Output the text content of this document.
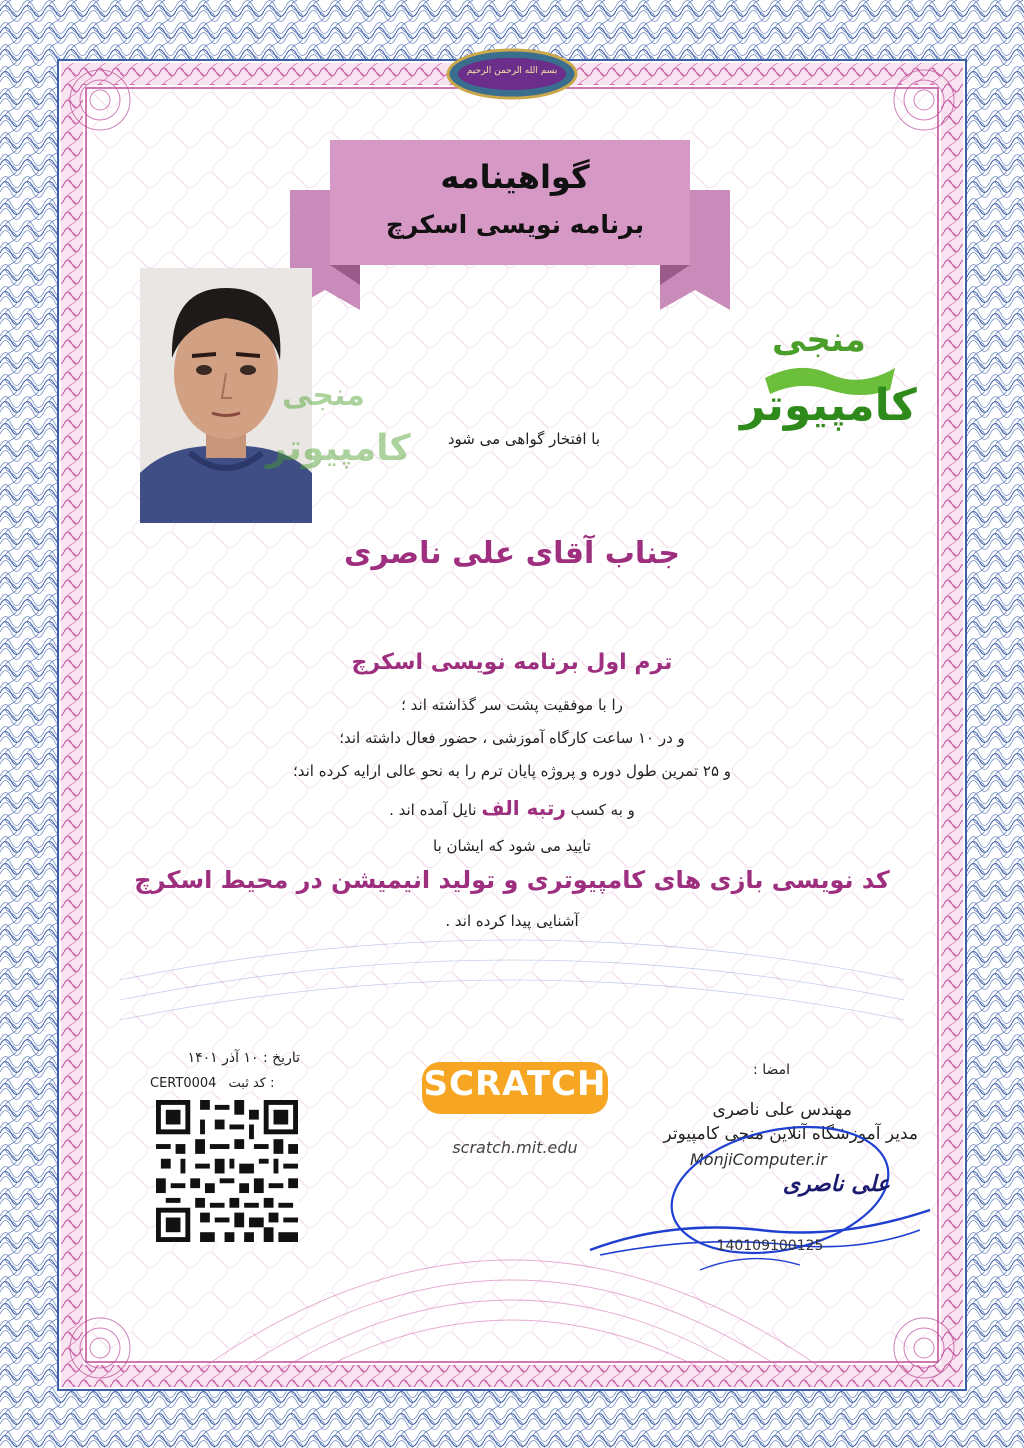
بسم الله الرحمن الرحیم
گواهینامه
برنامه نویسی اسکرچ
منجی
کامپیوتر
منجی
کامپیوتر
با افتخار گواهی می شود
جناب آقای علی ناصری
ترم اول برنامه نویسی اسکرچ
را با موفقیت پشت سر گذاشته اند ؛
و در ۱۰ ساعت کارگاه آموزشی ، حضور فعال داشته اند؛
و ۲۵ تمرین طول دوره و پروژه پایان ترم را به نحو عالی ارایه کرده اند؛
و به کسب رتبه الف نایل آمده اند .
تایید می شود که ایشان با
کد نویسی بازی های کامپیوتری و تولید انیمیشن در محیط اسکرچ
آشنایی پیدا کرده اند .
تاریخ : ۱۰ آذر ۱۴۰۱
CERT0004 کد ثبت :	SCRATCH
scratch.mit.edu
امضا :
مهندس علی ناصری
مدیر آموزشگاه آنلاین منجی کامپیوتر
MonjiComputer.ir
علی ناصری
140109100125
